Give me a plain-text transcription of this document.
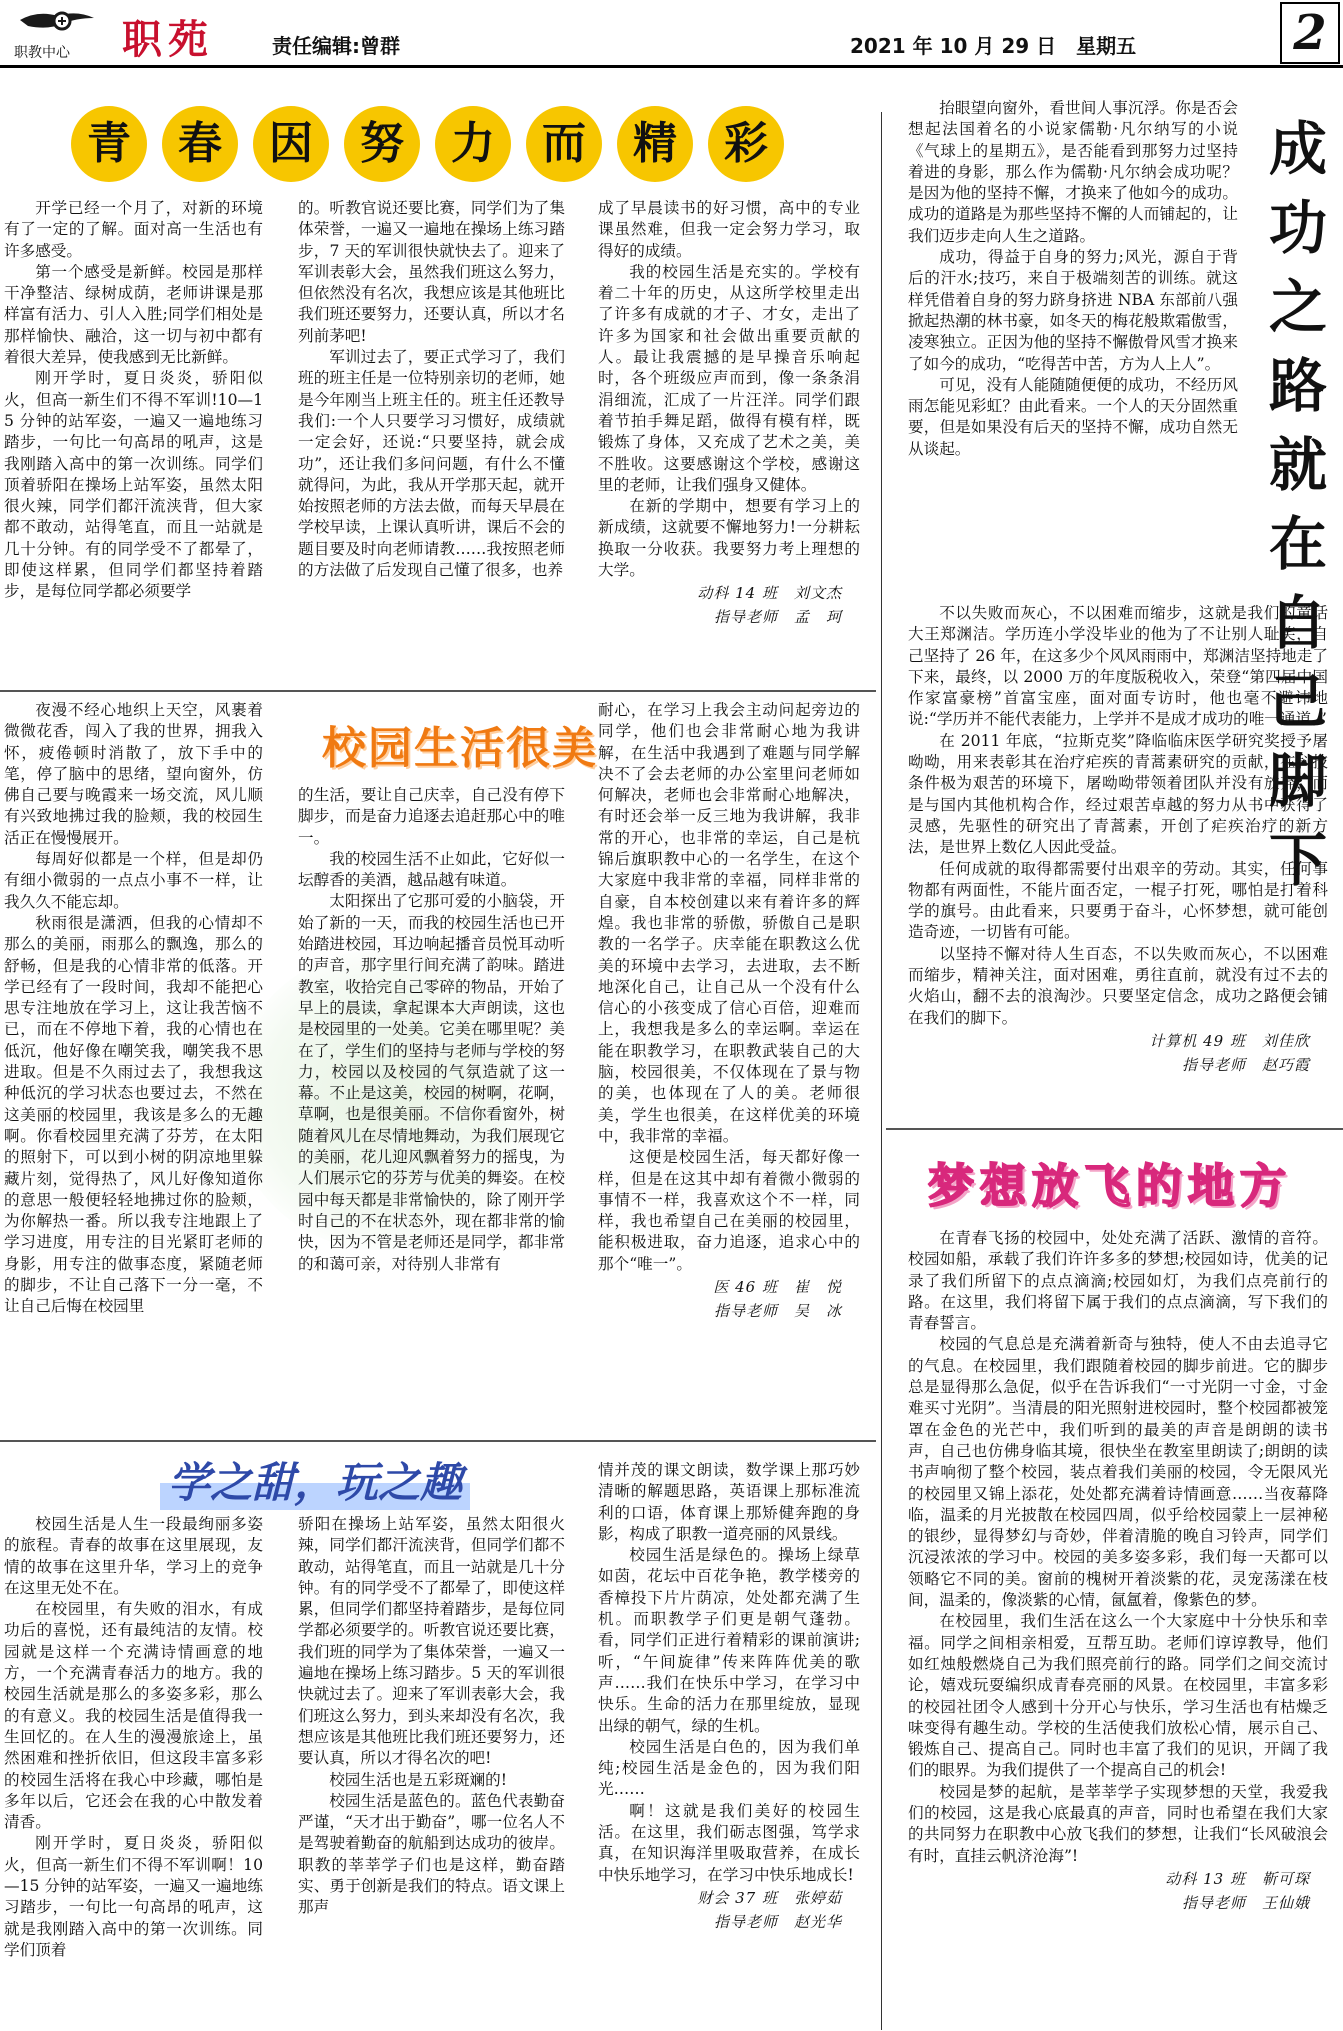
职教中心 职苑	责任编辑:曾群	2021 年 10 月 29 日　星期五	2
青	春	因	努	力	而	精	彩

开学已经一个月了，对新的环境有了一定的了解。面对高一生活也有许多感受。

第一个感受是新鲜。校园是那样干净整洁、绿树成荫，老师讲课是那样富有活力、引人入胜;同学们相处是那样愉快、融洽，这一切与初中都有着很大差异，使我感到无比新鲜。

刚开学时，夏日炎炎，骄阳似火，但高一新生们不得不军训!10—15 分钟的站军姿，一遍又一遍地练习踏步，一句比一句高昂的吼声，这是我刚踏入高中的第一次训练。同学们顶着骄阳在操场上站军姿，虽然太阳很火辣，同学们都汗流浃背，但大家都不敢动，站得笔直，而且一站就是几十分钟。有的同学受不了都晕了，即使这样累，但同学们都坚持着踏步，是每位同学都必须要学

的。听教官说还要比赛，同学们为了集体荣誉，一遍又一遍地在操场上练习踏步，7 天的军训很快就快去了。迎来了军训表彰大会，虽然我们班这么努力，但依然没有名次，我想应该是其他班比我们班还要努力，还要认真，所以才名列前茅吧!

军训过去了，要正式学习了，我们班的班主任是一位特别亲切的老师，她是今年刚当上班主任的。班主任还教导我们:一个人只要学习习惯好，成绩就一定会好，还说:“只要坚持，就会成功”，还让我们多问问题，有什么不懂就得问，为此，我从开学那天起，就开始按照老师的方法去做，而每天早晨在学校早读，上课认真听讲，课后不会的题目要及时向老师请教……我按照老师的方法做了后发现自己懂了很多，也养

成了早晨读书的好习惯，高中的专业课虽然难，但我一定会努力学习，取得好的成绩。

我的校园生活是充实的。学校有着二十年的历史，从这所学校里走出了许多有成就的才子、才女，走出了许多为国家和社会做出重要贡献的人。最让我震撼的是早操音乐响起时，各个班级应声而到，像一条条涓涓细流，汇成了一片汪洋。同学们跟着节拍手舞足蹈，做得有模有样，既锻炼了身体，又充成了艺术之美，美不胜收。这要感谢这个学校，感谢这里的老师，让我们强身又健体。

在新的学期中，想要有学习上的新成绩，这就要不懈地努力!一分耕耘换取一分收获。我要努力考上理想的大学。

动科 14 班　刘文杰
指导老师　孟　珂
校园生活很美

夜漫不经心地织上天空，风裹着微微花香，闯入了我的世界，拥我入怀，疲倦顿时消散了，放下手中的笔，停了脑中的思绪，望向窗外，仿佛自己要与晚霞来一场交流，风儿顺有兴致地拂过我的脸颊，我的校园生活正在慢慢展开。

每周好似都是一个样，但是却仍有细小微弱的一点点小事不一样，让我久久不能忘却。

秋雨很是潇洒，但我的心情却不那么的美丽，雨那么的飘逸，那么的舒畅，但是我的心情非常的低落。开学已经有了一段时间，我却不能把心思专注地放在学习上，这让我苦恼不已，而在不停地下着，我的心情也在低沉，他好像在嘲笑我，嘲笑我不思进取。但是不久雨过去了，我想我这种低沉的学习状态也要过去，不然在这美丽的校园里，我该是多么的无趣啊。你看校园里充满了芬芳，在太阳的照射下，可以到小树的阴凉地里躲藏片刻，觉得热了，风儿好像知道你的意思一般便轻轻地拂过你的脸颊，为你解热一番。所以我专注地跟上了学习进度，用专注的目光紧盯老师的身影，用专注的做事态度，紧随老师的脚步，不让自己落下一分一毫，不让自己后悔在校园里

的生活，要让自己庆幸，自己没有停下脚步，而是奋力追逐去追赶那心中的唯一。

我的校园生活不止如此，它好似一坛醇香的美酒，越品越有味道。

太阳探出了它那可爱的小脑袋，开始了新的一天，而我的校园生活也已开始踏进校园，耳边响起播音员悦耳动听的声音，那字里行间充满了韵味。踏进教室，收拾完自己零碎的物品，开始了早上的晨读，拿起课本大声朗读，这也是校园里的一处美。它美在哪里呢？美在了，学生们的坚持与老师与学校的努力，校园以及校园的气氛造就了这一幕。不止是这美，校园的树啊，花啊，草啊，也是很美丽。不信你看窗外，树随着风儿在尽情地舞动，为我们展现它的美丽，花儿迎风飘着努力的摇曳，为人们展示它的芬芳与优美的舞姿。在校园中每天都是非常愉快的，除了刚开学时自己的不在状态外，现在都非常的愉快，因为不管是老师还是同学，都非常的和蔼可亲，对待别人非常有

耐心，在学习上我会主动问起旁边的同学，他们也会非常耐心地为我讲解，在生活中我遇到了难题与同学解决不了会去老师的办公室里问老师如何解决，老师也会非常耐心地解决，有时还会举一反三地为我讲解，我非常的开心，也非常的幸运，自己是杭锦后旗职教中心的一名学生，在这个大家庭中我非常的幸福，同样非常的自豪，自本校创建以来有着许多的辉煌。我也非常的骄傲，骄傲自己是职教的一名学子。庆幸能在职教这么优美的环境中去学习，去进取，去不断地深化自己，让自己从一个没有什么信心的小孩变成了信心百倍，迎难而上，我想我是多么的幸运啊。幸运在能在职教学习，在职教武装自己的大脑，校园很美，不仅体现在了景与物的美，也体现在了人的美。老师很美，学生也很美，在这样优美的环境中，我非常的幸福。

这便是校园生活，每天都好像一样，但是在这其中却有着微小微弱的事情不一样，我喜欢这个不一样，同样，我也希望自己在美丽的校园里，能积极进取，奋力追逐，追求心中的那个“唯一”。

医 46 班　崔　悦
指导老师　吴　冰
学之甜，玩之趣

校园生活是人生一段最绚丽多姿的旅程。青春的故事在这里展现，友情的故事在这里升华，学习上的竞争在这里无处不在。

在校园里，有失败的泪水，有成功后的喜悦，还有最纯洁的友情。校园就是这样一个充满诗情画意的地方，一个充满青春活力的地方。我的校园生活就是那么的多姿多彩，那么的有意义。我的校园生活是值得我一生回忆的。在人生的漫漫旅途上，虽然困难和挫折依旧，但这段丰富多彩的校园生活将在我心中珍藏，哪怕是多年以后，它还会在我的心中散发着清香。

刚开学时，夏日炎炎，骄阳似火，但高一新生们不得不军训啊！10—15 分钟的站军姿，一遍又一遍地练习踏步，一句比一句高昂的吼声，这就是我刚踏入高中的第一次训练。同学们顶着

骄阳在操场上站军姿，虽然太阳很火辣，同学们都汗流浃背，但同学们都不敢动，站得笔直，而且一站就是几十分钟。有的同学受不了都晕了，即使这样累，但同学们都坚持着踏步，是每位同学都必须要学的。听教官说还要比赛，我们班的同学为了集体荣誉，一遍又一遍地在操场上练习踏步。5 天的军训很快就过去了。迎来了军训表彰大会，我们班这么努力，到头来却没有名次，我想应该是其他班比我们班还要努力，还要认真，所以才得名次的吧!

校园生活也是五彩斑斓的!

校园生活是蓝色的。蓝色代表勤奋严谨，“天才出于勤奋”，哪一位名人不是驾驶着勤奋的航船到达成功的彼岸。职教的莘莘学子们也是这样，勤奋踏实、勇于创新是我们的特点。语文课上那声

情并茂的课文朗读，数学课上那巧妙清晰的解题思路，英语课上那标准流利的口语，体育课上那矫健奔跑的身影，构成了职教一道亮丽的风景线。

校园生活是绿色的。操场上绿草如茵，花坛中百花争艳，教学楼旁的香樟投下片片荫凉，处处都充满了生机。而职教学子们更是朝气蓬勃。看，同学们正进行着精彩的课前演讲;听，“午间旋律”传来阵阵优美的歌声……我们在快乐中学习，在学习中快乐。生命的活力在那里绽放，显现出绿的朝气，绿的生机。

校园生活是白色的，因为我们单纯;校园生活是金色的，因为我们阳光……

啊！这就是我们美好的校园生活。在这里，我们砺志图强，笃学求真，在知识海洋里吸取营养，在成长中快乐地学习，在学习中快乐地成长!

财会 37 班　张婷茹
指导老师　赵光华
成
功
之
路
就
在
自
己
脚
下

抬眼望向窗外，看世间人事沉浮。你是否会想起法国着名的小说家儒勒·凡尔纳写的小说《气球上的星期五》，是否能看到那努力过坚持着进的身影，那么作为儒勒·凡尔纳会成功呢？是因为他的坚持不懈，才换来了他如今的成功。成功的道路是为那些坚持不懈的人而铺起的，让我们迈步走向人生之道路。

成功，得益于自身的努力;风光，源自于背后的汗水;技巧，来自于极端刻苦的训练。就这样凭借着自身的努力跻身挤进 NBA 东部前八强掀起热潮的林书豪，如冬天的梅花般欺霜傲雪，凌寒独立。正因为他的坚持不懈傲骨风雪才换来了如今的成功，“吃得苦中苦，方为人上人”。

可见，没有人能随随便便的成功，不经历风雨怎能见彩虹？由此看来。一个人的天分固然重要，但是如果没有后天的坚持不懈，成功自然无从谈起。

不以失败而灰心，不以困难而缩步，这就是我们的童话大王郑渊洁。学历连小学没毕业的他为了不让别人耻笑，自己坚持了 26 年，在这多少个风风雨雨中，郑渊洁坚持地走了下来，最终，以 2000 万的年度版税收入，荣登“第四届中国作家富豪榜”首富宝座，面对面专访时，他也毫不避讳地说:“学历并不能代表能力，上学并不是成才成功的唯一通道。”

在 2011 年底，“拉斯克奖”降临临床医学研究奖授予屠呦呦，用来表彰其在治疗疟疾的青蒿素研究的贡献，在科技条件极为艰苦的环境下，屠呦呦带领着团队并没有放弃，而是与国内其他机构合作，经过艰苦卓越的努力从书中获得了灵感，先驱性的研究出了青蒿素，开创了疟疾治疗的新方法，是世界上数亿人因此受益。

任何成就的取得都需要付出艰辛的劳动。其实，任何事物都有两面性，不能片面否定，一棍子打死，哪怕是打着科学的旗号。由此看来，只要勇于奋斗，心怀梦想，就可能创造奇迹，一切皆有可能。

以坚持不懈对待人生百态，不以失败而灰心，不以困难而缩步，精神关注，面对困难，勇往直前，就没有过不去的火焰山，翻不去的浪淘沙。只要坚定信念，成功之路便会铺在我们的脚下。

计算机 49 班　刘佳欣
指导老师　赵巧霞
梦想放飞的地方

在青春飞扬的校园中，处处充满了活跃、激情的音符。校园如船，承载了我们许许多多的梦想;校园如诗，优美的记录了我们所留下的点点滴滴;校园如灯，为我们点亮前行的路。在这里，我们将留下属于我们的点点滴滴，写下我们的青春誓言。

校园的气息总是充满着新奇与独特，使人不由去追寻它的气息。在校园里，我们跟随着校园的脚步前进。它的脚步总是显得那么急促，似乎在告诉我们“一寸光阴一寸金，寸金难买寸光阴”。当清晨的阳光照射进校园时，整个校园都被笼罩在金色的光芒中，我们听到的最美的声音是朗朗的读书声，自己也仿佛身临其境，很快坐在教室里朗读了;朗朗的读书声响彻了整个校园，装点着我们美丽的校园，令无限风光的校园里又锦上添花，处处都充满着诗情画意……当夜幕降临，温柔的月光披散在校园四周，似乎给校园蒙上一层神秘的银纱，显得梦幻与奇妙，伴着清脆的晚自习铃声，同学们沉浸浓浓的学习中。校园的美多姿多彩，我们每一天都可以领略它不同的美。窗前的槐树开着淡紫的花，灵宠荡漾在枝间，温柔的，像淡紫的心情，氤氲着，像紫色的梦。

在校园里，我们生活在这么一个大家庭中十分快乐和幸福。同学之间相亲相爱，互帮互助。老师们谆谆教导，他们如红烛般燃烧自己为我们照亮前行的路。同学们之间交流讨论，嬉戏玩耍编织成青春亮丽的风景。在校园里，丰富多彩的校园社团令人感到十分开心与快乐，学习生活也有枯燥乏味变得有趣生动。学校的生活使我们放松心情，展示自己、锻炼自己、提高自己。同时也丰富了我们的见识，开阔了我们的眼界。为我们提供了一个提高自己的机会!

校园是梦的起航，是莘莘学子实现梦想的天堂，我爱我们的校园，这是我心底最真的声音，同时也希望在我们大家的共同努力在职教中心放飞我们的梦想，让我们“长风破浪会有时，直挂云帆济沧海”!

动科 13 班　靳可琛
指导老师　王仙娥
